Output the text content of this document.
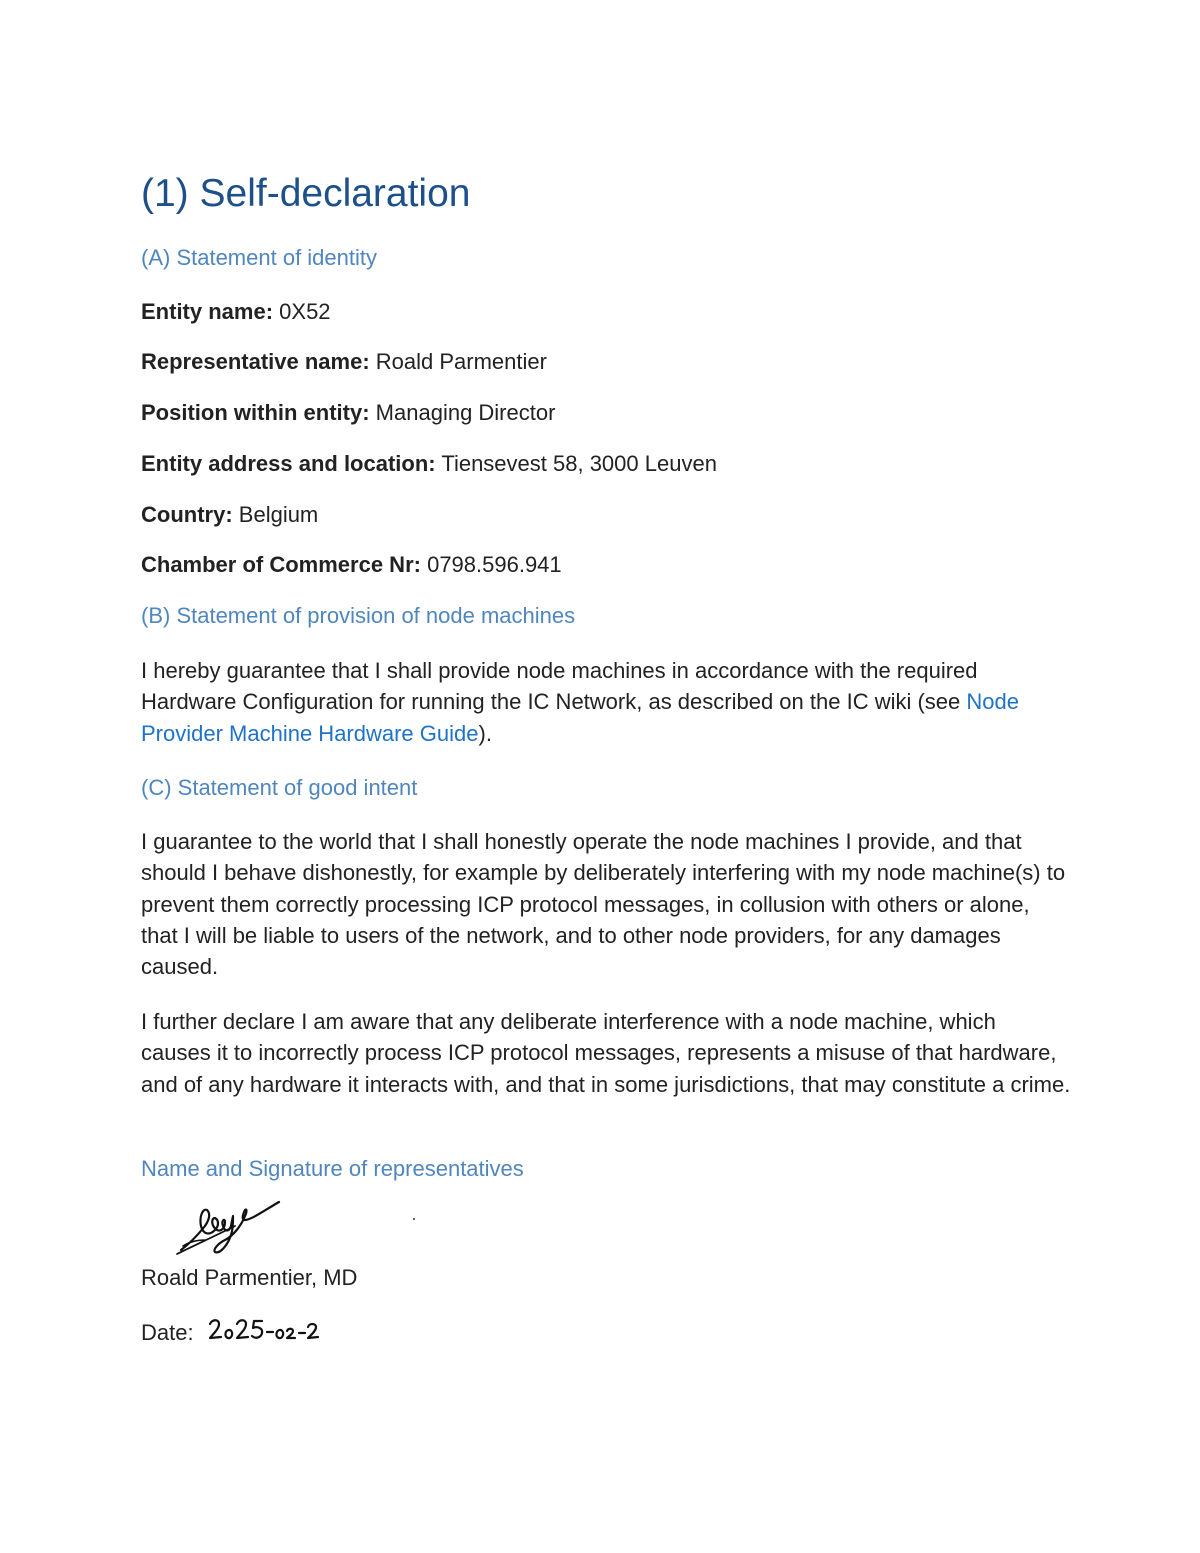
(1) Self-declaration
(A) Statement of identity

Entity name: 0X52

Representative name: Roald Parmentier

Position within entity: Managing Director

Entity address and location: Tiensevest 58, 3000 Leuven

Country: Belgium

Chamber of Commerce Nr: 0798.596.941

(B) Statement of provision of node machines

I hereby guarantee that I shall provide node machines in accordance with the required Hardware Configuration for running the IC Network, as described on the IC wiki (see Node Provider Machine Hardware Guide).

(C) Statement of good intent

I guarantee to the world that I shall honestly operate the node machines I provide, and that should I behave dishonestly, for example by deliberately interfering with my node machine(s) to prevent them correctly processing ICP protocol messages, in collusion with others or alone, that I will be liable to users of the network, and to other node providers, for any damages caused.

I further declare I am aware that any deliberate interference with a node machine, which causes it to incorrectly process ICP protocol messages, represents a misuse of that hardware, and of any hardware it interacts with, and that in some jurisdictions, that may constitute a crime.

Name and Signature of representatives

Roald Parmentier, MD

Date:
